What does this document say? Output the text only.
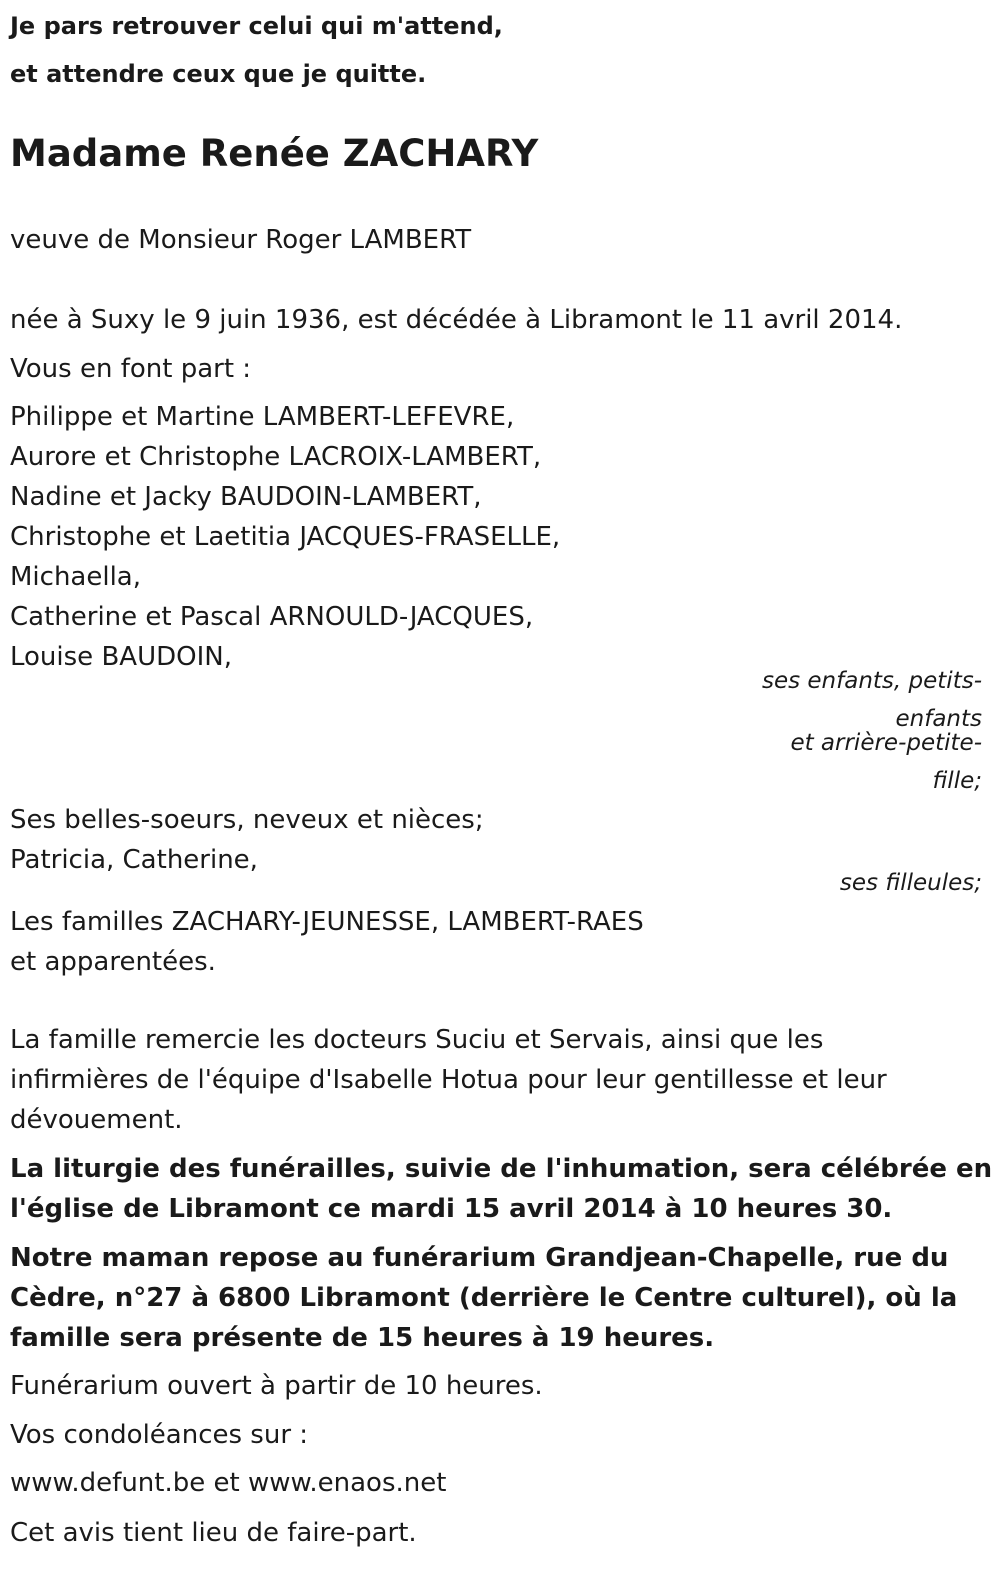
Je pars retrouver celui qui m'attend,
et attendre ceux que je quitte.
Madame Renée ZACHARY

veuve de Monsieur Roger LAMBERT

née à Suxy le 9 juin 1936, est décédée à Libramont le 11 avril 2014.

Vous en font part :

Philippe et Martine LAMBERT-LEFEVRE,
Aurore et Christophe LACROIX-LAMBERT,
Nadine et Jacky BAUDOIN-LAMBERT,
Christophe et Laetitia JACQUES-FRASELLE,
Michaella,
Catherine et Pascal ARNOULD-JACQUES,
Louise BAUDOIN,
ses enfants, petits-
enfants
et arrière-petite-
fille;

Ses belles-soeurs, neveux et nièces;

Patricia, Catherine,

ses filleules;
Les familles ZACHARY-JEUNESSE, LAMBERT-RAES
et apparentées.
La famille remercie les docteurs Suciu et Servais, ainsi que les
infirmières de l'équipe d'Isabelle Hotua pour leur gentillesse et leur
dévouement.
La liturgie des funérailles, suivie de l'inhumation, sera célébrée en
l'église de Libramont ce mardi 15 avril 2014 à 10 heures 30.
Notre maman repose au funérarium Grandjean-Chapelle, rue du
Cèdre, n°27 à 6800 Libramont (derrière le Centre culturel), où la
famille sera présente de 15 heures à 19 heures.

Funérarium ouvert à partir de 10 heures.

Vos condoléances sur :

www.defunt.be et www.enaos.net

Cet avis tient lieu de faire-part.
